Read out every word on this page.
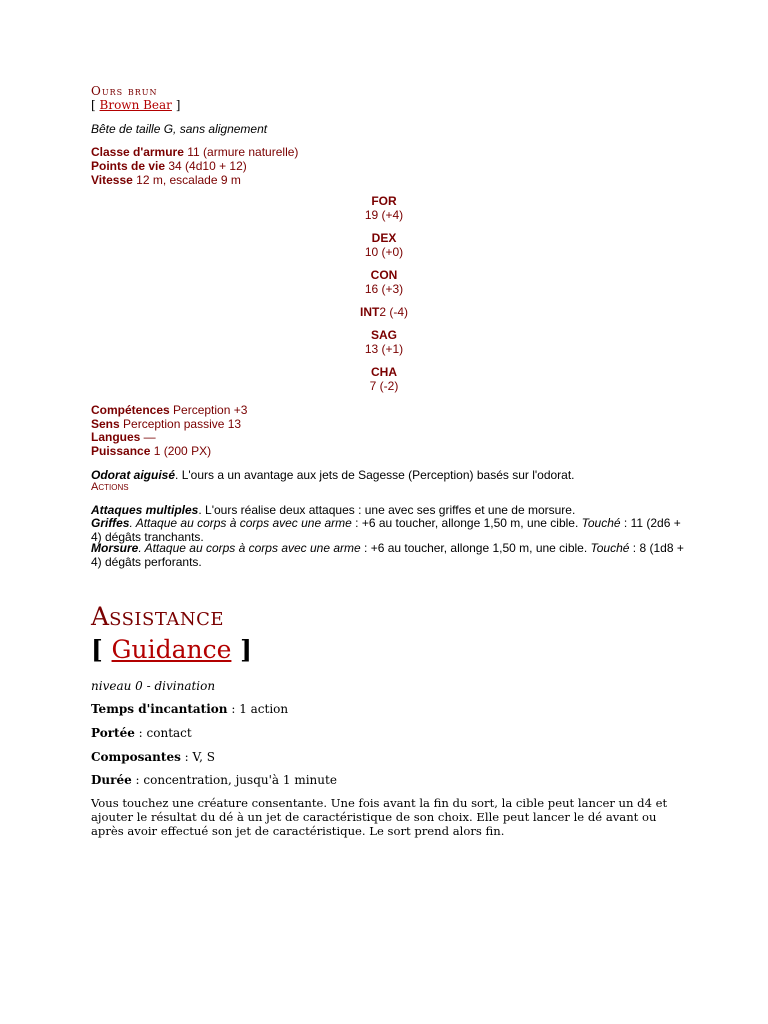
Ours brun
[ Brown Bear ]
Bête de taille G, sans alignement
Classe d'armure 11 (armure naturelle)
Points de vie 34 (4d10 + 12)
Vitesse 12 m, escalade 9 m
FOR
19 (+4)
DEX
10 (+0)
CON
16 (+3)
INT2 (-4)
SAG
13 (+1)
CHA
7 (-2)
Compétences Perception +3
Sens Perception passive 13
Langues —
Puissance 1 (200 PX)
Odorat aiguisé. L'ours a un avantage aux jets de Sagesse (Perception) basés sur l'odorat.
Actions
Attaques multiples. L'ours réalise deux attaques : une avec ses griffes et une de morsure.
Griffes. Attaque au corps à corps avec une arme : +6 au toucher, allonge 1,50 m, une cible. Touché : 11 (2d6 +
4) dégâts tranchants.
Morsure. Attaque au corps à corps avec une arme : +6 au toucher, allonge 1,50 m, une cible. Touché : 8 (1d8 +
4) dégâts perforants.
Assistance
[ Guidance ]
niveau 0 - divination
Temps d'incantation : 1 action
Portée : contact
Composantes : V, S
Durée : concentration, jusqu'à 1 minute
Vous touchez une créature consentante. Une fois avant la fin du sort, la cible peut lancer un d4 et
ajouter le résultat du dé à un jet de caractéristique de son choix. Elle peut lancer le dé avant ou
après avoir effectué son jet de caractéristique. Le sort prend alors fin.
